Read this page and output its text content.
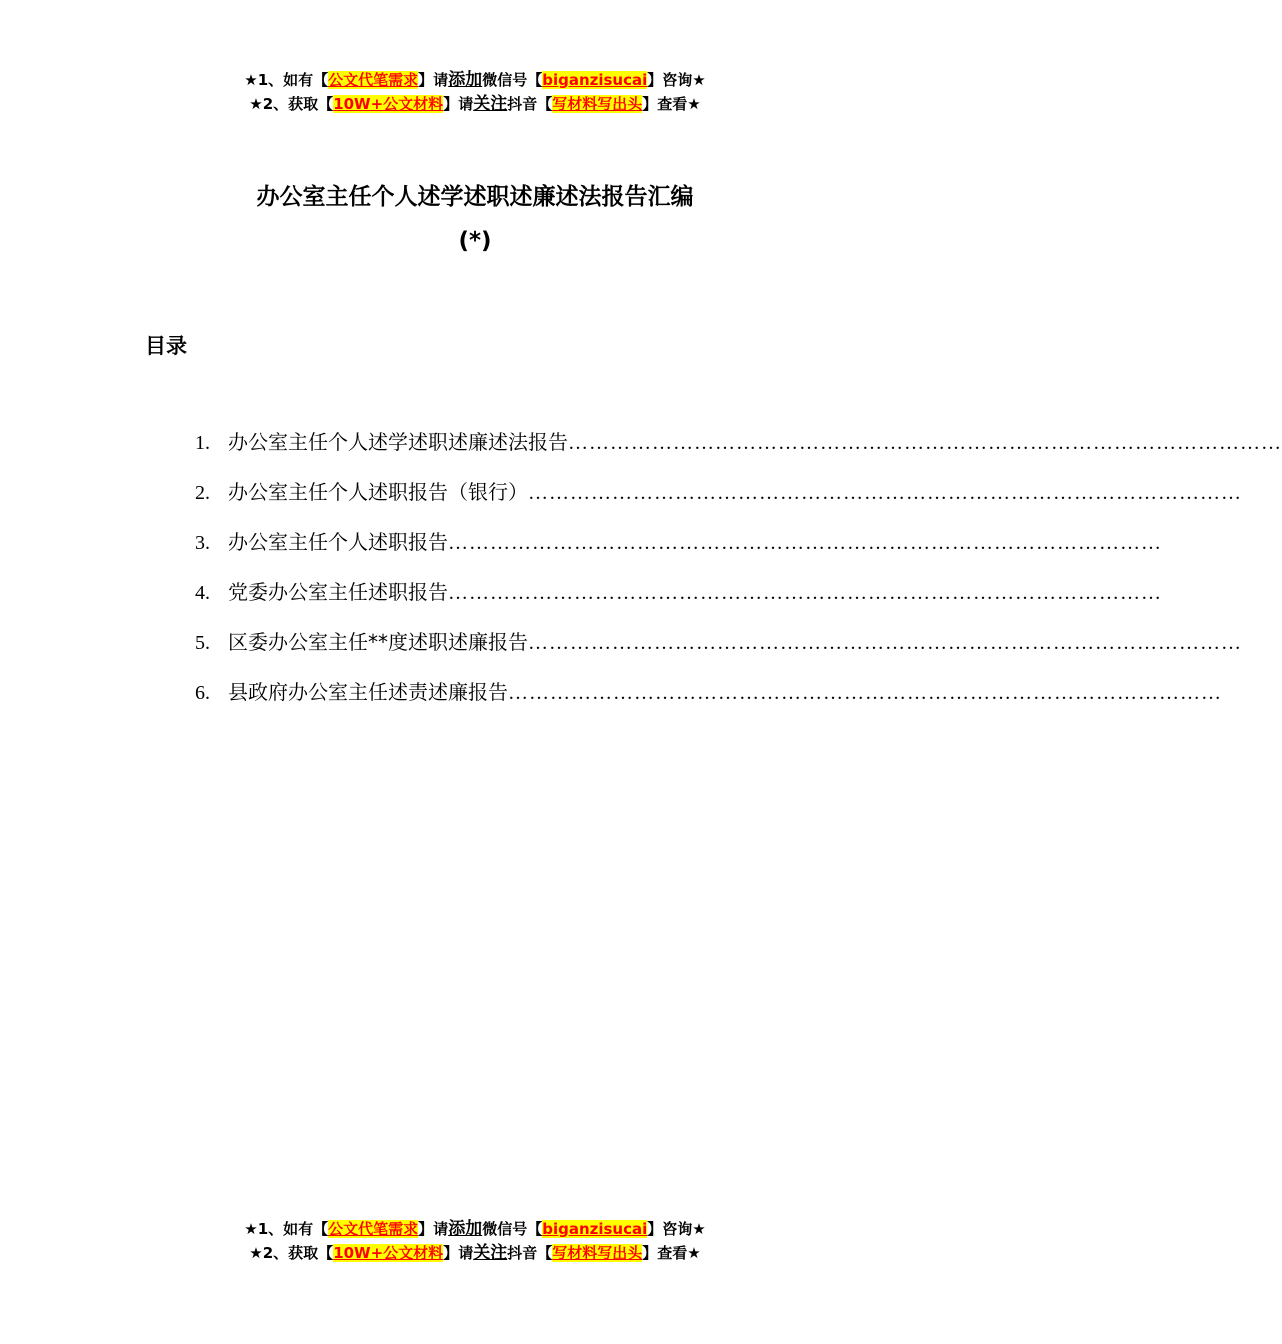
★1、如有【公文代笔需求】请添加微信号【biganzisucai】咨询★
★2、获取【10W+公文材料】请关注抖音【写材料写出头】查看★
办公室主任个人述学述职述廉述法报告汇编
(*)
目录
1. 办公室主任个人述学述职述廉述法报告 …………………………………………………………………………………………
2. 办公室主任个人述职报告（银行） …………………………………………………………………………………………
3. 办公室主任个人述职报告 …………………………………………………………………………………………
4. 党委办公室主任述职报告 …………………………………………………………………………………………
5. 区委办公室主任**度述职述廉报告 …………………………………………………………………………………………
6. 县政府办公室主任述责述廉报告 …………………………………………………………………………………………
★1、如有【公文代笔需求】请添加微信号【biganzisucai】咨询★
★2、获取【10W+公文材料】请关注抖音【写材料写出头】查看★
